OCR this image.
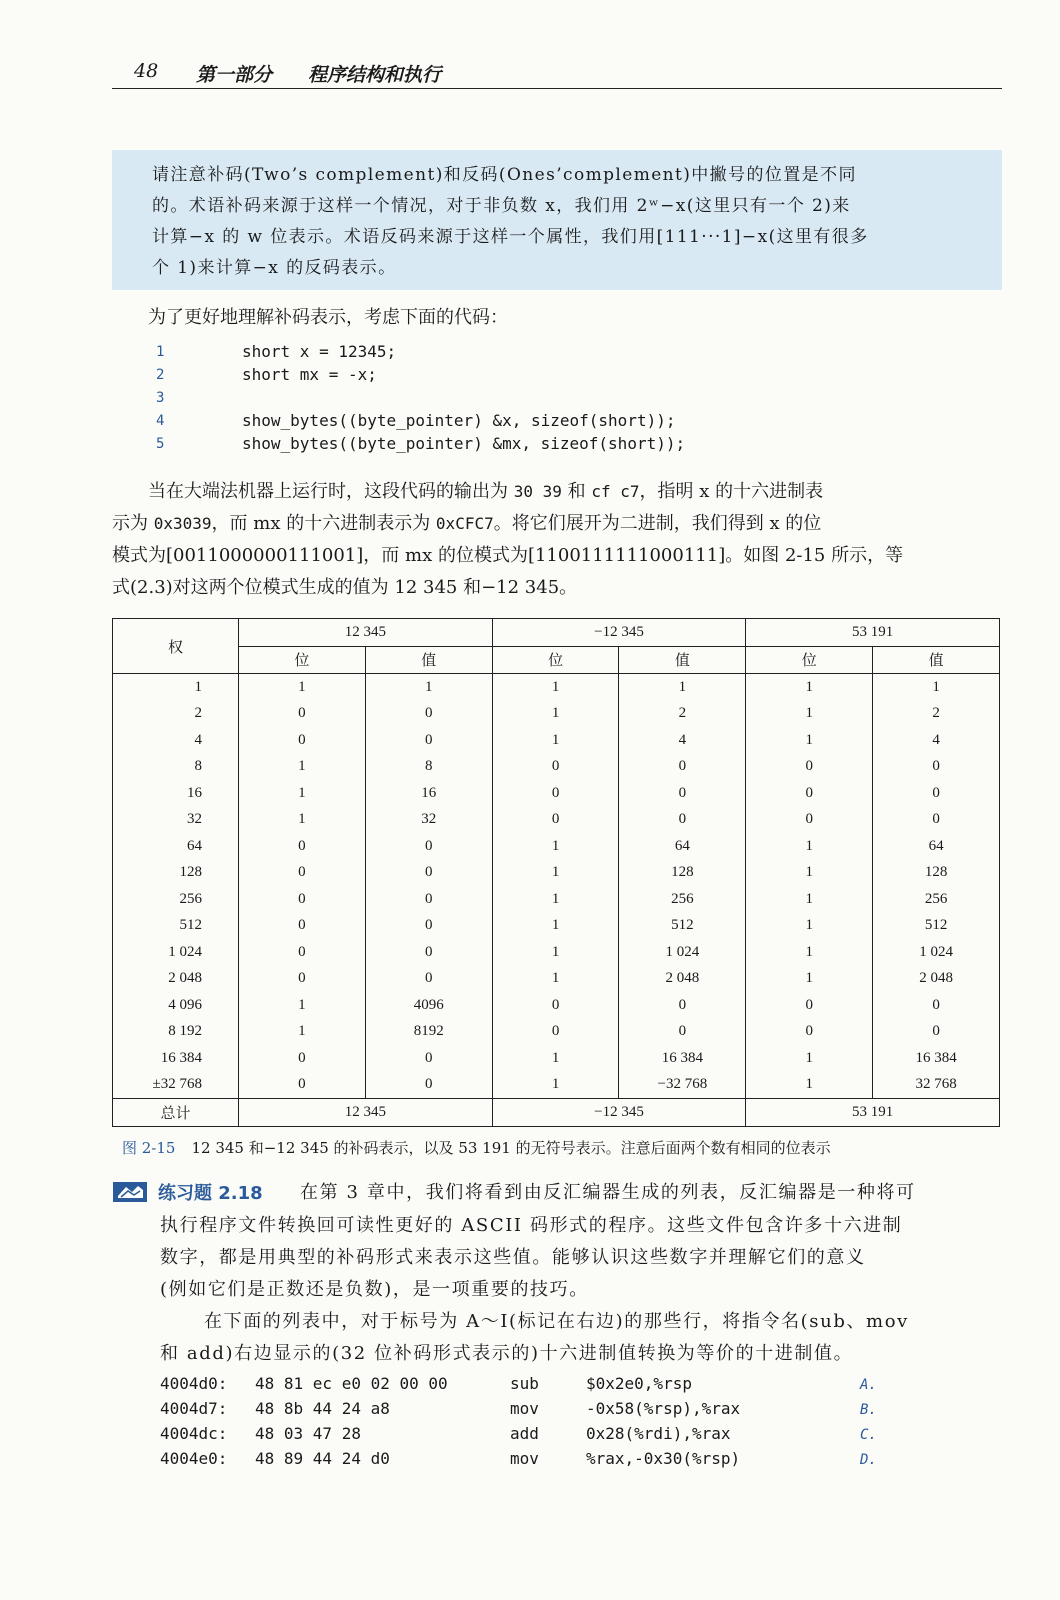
48 第一部分 程序结构和执行

请注意补码(Two’s complement)和反码(Ones’complement)中撇号的位置是不同

的。术语补码来源于这样一个情况，对于非负数 x，我们用 2ʷ−x(这里只有一个 2)来

计算−x 的 w 位表示。术语反码来源于这样一个属性，我们用[111···1]−x(这里有很多

个 1)来计算−x 的反码表示。

为了更好地理解补码表示，考虑下面的代码：

1	short x = 12345;
2	short mx = -x;
3
4	show_bytes((byte_pointer) &x, sizeof(short));
5	show_bytes((byte_pointer) &mx, sizeof(short));
当在大端法机器上运行时，这段代码的输出为 30 39 和 cf c7，指明 x 的十六进制表
示为 0x3039，而 mx 的十六进制表示为 0xCFC7。将它们展开为二进制，我们得到 x 的位
模式为[0011000000111001]，而 mx 的位模式为[1100111111000111]。如图 2-15 所示，等
式(2.3)对这两个位模式生成的值为 12 345 和−12 345。
权	12 345		−12 345		53 191	
	位	值	位	值	位	值
1	1	1	1	1	1	1
2	0	0	1	2	1	2
4	0	0	1	4	1	4
8	1	8	0	0	0	0
16	1	16	0	0	0	0
32	1	32	0	0	0	0
64	0	0	1	64	1	64
128	0	0	1	128	1	128
256	0	0	1	256	1	256
512	0	0	1	512	1	512
1 024	0	0	1	1 024	1	1 024
2 048	0	0	1	2 048	1	2 048
4 096	1	4096	0	0	0	0
8 192	1	8192	0	0	0	0
16 384	0	0	1	16 384	1	16 384
±32 768	0	0	1	−32 768	1	32 768
总计	12 345		−12 345		53 191	
图 2-15 12 345 和−12 345 的补码表示，以及 53 191 的无符号表示。注意后面两个数有相同的位表示
练习题 2.18 在第 3 章中，我们将看到由反汇编器生成的列表，反汇编器是一种将可

执行程序文件转换回可读性更好的 ASCII 码形式的程序。这些文件包含许多十六进制

数字，都是用典型的补码形式来表示这些值。能够认识这些数字并理解它们的意义

(例如它们是正数还是负数)，是一项重要的技巧。

在下面的列表中，对于标号为 A～I(标记在右边)的那些行，将指令名(sub、mov

和 add)右边显示的(32 位补码形式表示的)十六进制值转换为等价的十进制值。

4004d0: 48 81 ec e0 02 00 00	sub	$0x2e0,%rsp	A.
4004d7: 48 8b 44 24 a8	mov	-0x58(%rsp),%rax	B.
4004dc: 48 03 47 28	add	0x28(%rdi),%rax	C.
4004e0: 48 89 44 24 d0	mov	%rax,-0x30(%rsp)	D.
